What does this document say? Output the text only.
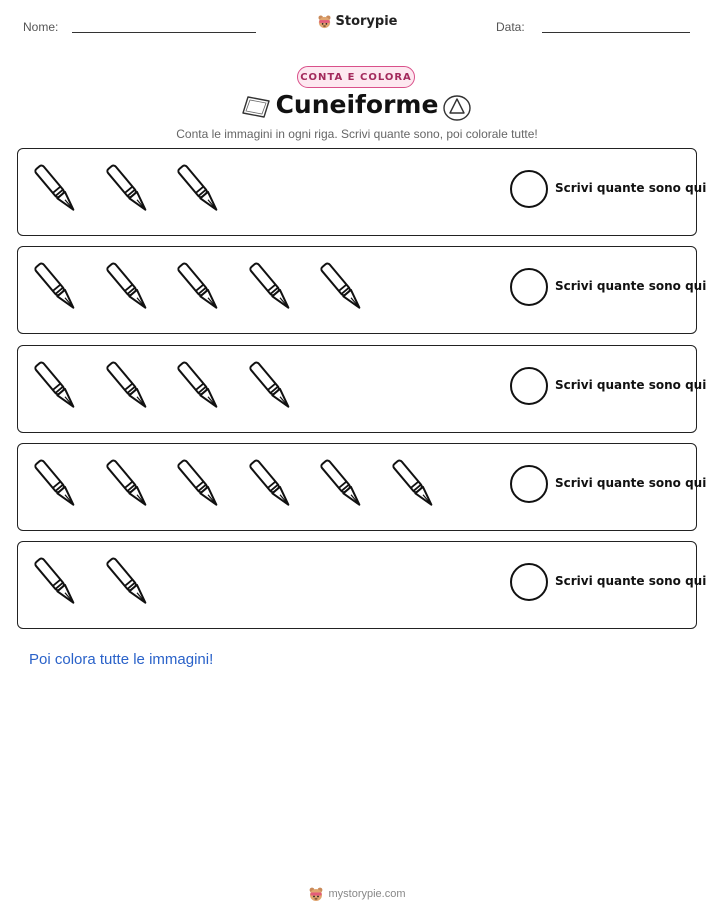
Nome:	Storypie	Data:
CONTA E COLORA
Cuneiforme
Conta le immagini in ogni riga. Scrivi quante sono, poi colorale tutte!
Scrivi quante sono qui
Scrivi quante sono qui
Scrivi quante sono qui
Scrivi quante sono qui
Scrivi quante sono qui
Poi colora tutte le immagini!
mystorypie.com
